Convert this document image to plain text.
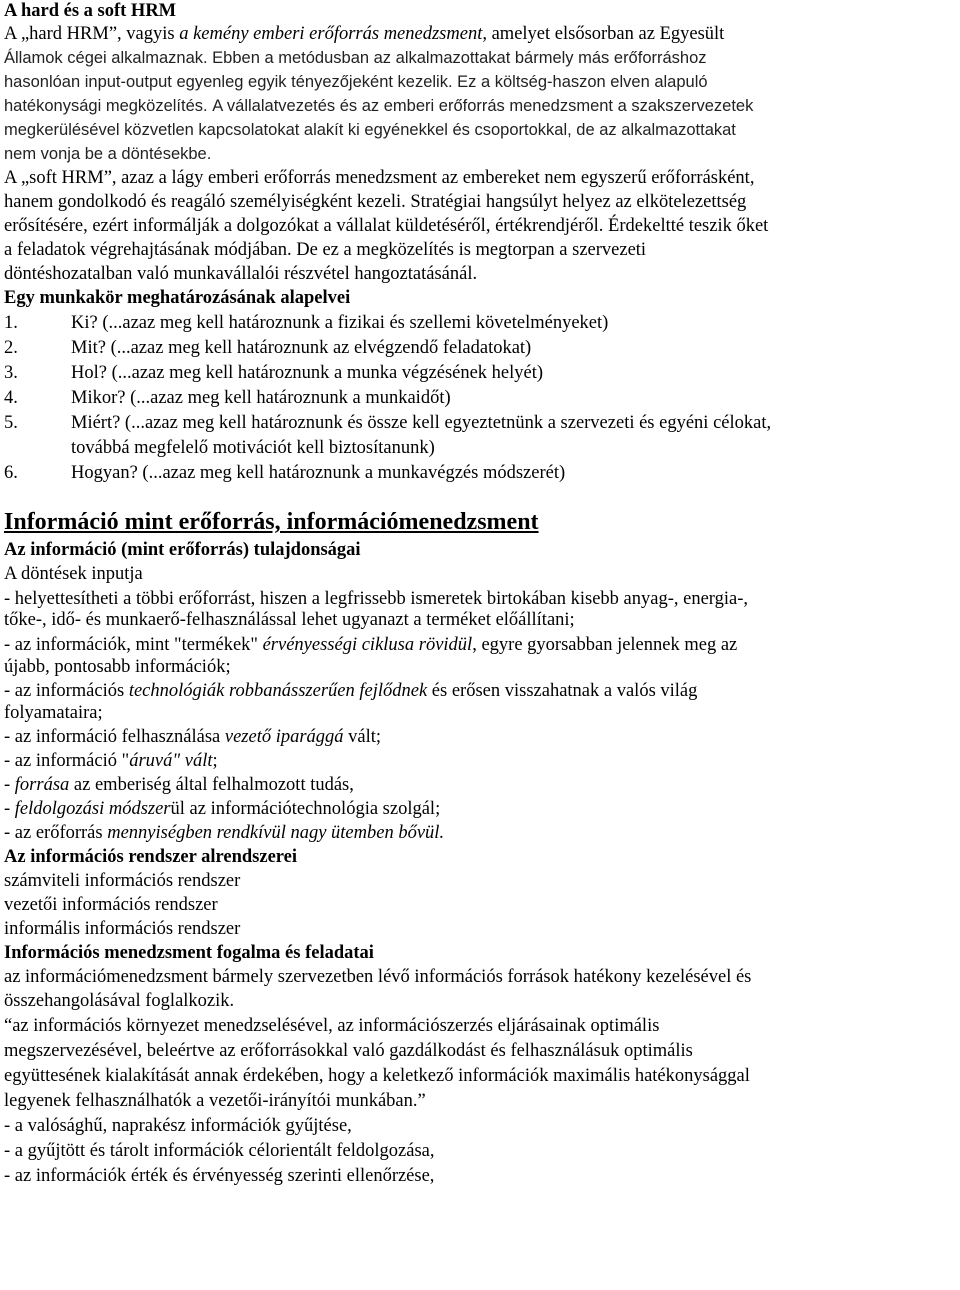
A hard és a soft HRM
A „hard HRM”, vagyis a kemény emberi erőforrás menedzsment, amelyet elsősorban az Egyesült
Államok cégei alkalmaznak. Ebben a metódusban az alkalmazottakat bármely más erőforráshoz
hasonlóan input-output egyenleg egyik tényezőjeként kezelik. Ez a költség-haszon elven alapuló
hatékonysági megközelítés. A vállalatvezetés és az emberi erőforrás menedzsment a szakszervezetek
megkerülésével közvetlen kapcsolatokat alakít ki egyénekkel és csoportokkal, de az alkalmazottakat
nem vonja be a döntésekbe.
A „soft HRM”, azaz a lágy emberi erőforrás menedzsment az embereket nem egyszerű erőforrásként,
hanem gondolkodó és reagáló személyiségként kezeli. Stratégiai hangsúlyt helyez az elkötelezettség
erősítésére, ezért informálják a dolgozókat a vállalat küldetéséről, értékrendjéről. Érdekeltté teszik őket
a feladatok végrehajtásának módjában. De ez a megközelítés is megtorpan a szervezeti
döntéshozatalban való munkavállalói részvétel hangoztatásánál.
Egy munkakör meghatározásának alapelvei
1.	Ki? (...azaz meg kell határoznunk a fizikai és szellemi követelményeket)
2.	Mit? (...azaz meg kell határoznunk az elvégzendő feladatokat)
3.	Hol? (...azaz meg kell határoznunk a munka végzésének helyét)
4.	Mikor? (...azaz meg kell határoznunk a munkaidőt)
5.	Miért? (...azaz meg kell határoznunk és össze kell egyeztetnünk a szervezeti és egyéni célokat,
továbbá megfelelő motivációt kell biztosítanunk)
6.	Hogyan? (...azaz meg kell határoznunk a munkavégzés módszerét)
Információ mint erőforrás, információmenedzsment
Az információ (mint erőforrás) tulajdonságai
A döntések inputja
- helyettesítheti a többi erőforrást, hiszen a legfrissebb ismeretek birtokában kisebb anyag-, energia-,
tőke-, idő- és munkaerő-felhasználással lehet ugyanazt a terméket előállítani;
- az információk, mint "termékek" érvényességi ciklusa rövidül, egyre gyorsabban jelennek meg az
újabb, pontosabb információk;
- az információs technológiák robbanásszerűen fejlődnek és erősen visszahatnak a valós világ
folyamataira;
- az információ felhasználása vezető iparággá vált;
- az információ "áruvá" vált;
- forrása az emberiség által felhalmozott tudás,
- feldolgozási módszerül az információtechnológia szolgál;
- az erőforrás mennyiségben rendkívül nagy ütemben bővül.
Az információs rendszer alrendszerei
számviteli információs rendszer
vezetői információs rendszer
informális információs rendszer
Információs menedzsment fogalma és feladatai
az információmenedzsment bármely szervezetben lévő információs források hatékony kezelésével és
összehangolásával foglalkozik.
“az információs környezet menedzselésével, az információszerzés eljárásainak optimális
megszervezésével, beleértve az erőforrásokkal való gazdálkodást és felhasználásuk optimális
együttesének kialakítását annak érdekében, hogy a keletkező információk maximális hatékonysággal
legyenek felhasználhatók a vezetői-irányítói munkában.”
- a valósághű, naprakész információk gyűjtése,
- a gyűjtött és tárolt információk célorientált feldolgozása,
- az információk érték és érvényesség szerinti ellenőrzése,
